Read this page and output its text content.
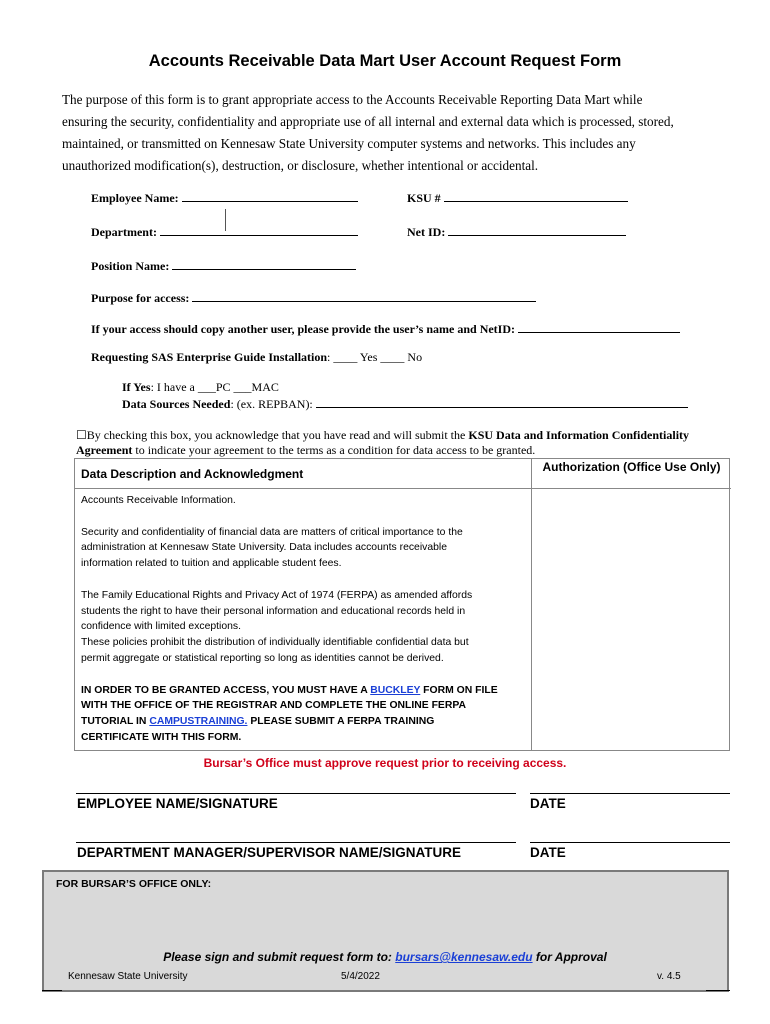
Accounts Receivable Data Mart User Account Request Form
The purpose of this form is to grant appropriate access to the Accounts Receivable Reporting Data Mart while
ensuring the security, confidentiality and appropriate use of all internal and external data which is processed, stored,
maintained, or transmitted on Kennesaw State University computer systems and networks. This includes any
unauthorized modification(s), destruction, or disclosure, whether intentional or accidental.
Employee Name:	KSU #
Department:	Net ID:
Position Name:
Purpose for access:
If your access should copy another user, please provide the user’s name and NetID:
Requesting SAS Enterprise Guide Installation: ____ Yes ____ No
If Yes: I have a ___PC ___MAC
Data Sources Needed: (ex. REPBAN):
☐By checking this box, you acknowledge that you have read and will submit the KSU Data and Information Confidentiality
Agreement to indicate your agreement to the terms as a condition for data access to be granted.
Data Description and Acknowledgment	Authorization (Office Use Only)
Accounts Receivable Information.
Security and confidentiality of financial data are matters of critical importance to the
administration at Kennesaw State University. Data includes accounts receivable
information related to tuition and applicable student fees.
The Family Educational Rights and Privacy Act of 1974 (FERPA) as amended affords
students the right to have their personal information and educational records held in
confidence with limited exceptions.
These policies prohibit the distribution of individually identifiable confidential data but
permit aggregate or statistical reporting so long as identities cannot be derived.
IN ORDER TO BE GRANTED ACCESS, YOU MUST HAVE A BUCKLEY FORM ON FILE
WITH THE OFFICE OF THE REGISTRAR AND COMPLETE THE ONLINE FERPA
TUTORIAL IN CAMPUSTRAINING. PLEASE SUBMIT A FERPA TRAINING
CERTIFICATE WITH THIS FORM.
Bursar’s Office must approve request prior to receiving access.
EMPLOYEE NAME/SIGNATURE	DATE
DEPARTMENT MANAGER/SUPERVISOR NAME/SIGNATURE	DATE
FOR BURSAR’S OFFICE ONLY:
Please sign and submit request form to: bursars@kennesaw.edu for Approval
Kennesaw State University	5/4/2022	v. 4.5
